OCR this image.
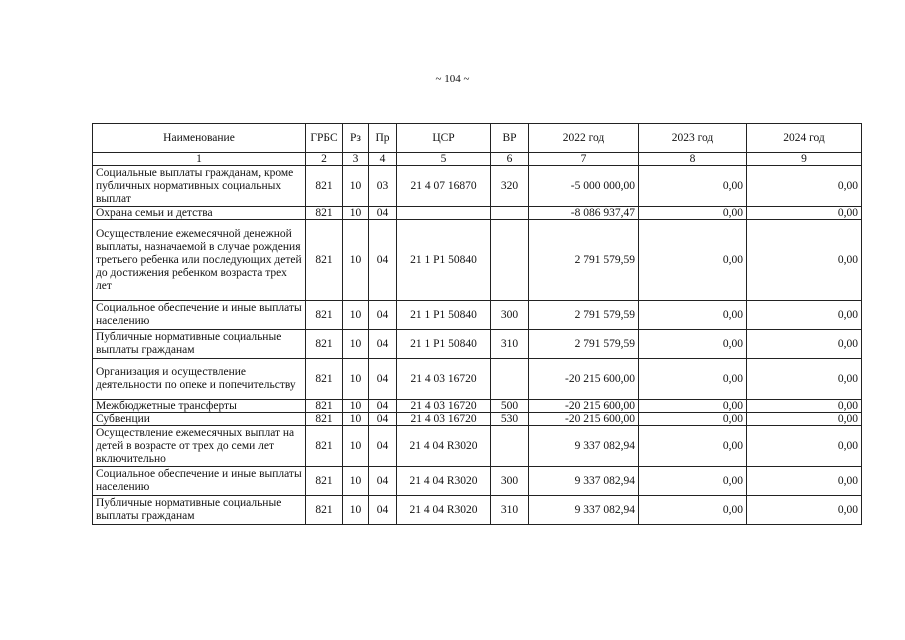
~ 104 ~
Наименование	ГРБС	Рз	Пр	ЦСР	ВР	2022 год	2023 год	2024 год
1	2	3	4	5	6	7	8	9
Социальные выплаты гражданам, кроме публичных нормативных социальных выплат	821	10	03	21 4 07 16870	320	-5 000 000,00	0,00	0,00
Охрана семьи и детства	821	10	04			-8 086 937,47	0,00	0,00
Осуществление ежемесячной денежной выплаты, назначаемой в случае рождения третьего ребенка или последующих детей до достижения ребенком возраста трех лет	821	10	04	21 1 P1 50840		2 791 579,59	0,00	0,00
Социальное обеспечение и иные выплаты населению	821	10	04	21 1 P1 50840	300	2 791 579,59	0,00	0,00
Публичные нормативные социальные выплаты гражданам	821	10	04	21 1 P1 50840	310	2 791 579,59	0,00	0,00
Организация и осуществление деятельности по опеке и попечительству	821	10	04	21 4 03 16720		-20 215 600,00	0,00	0,00
Межбюджетные трансферты	821	10	04	21 4 03 16720	500	-20 215 600,00	0,00	0,00
Субвенции	821	10	04	21 4 03 16720	530	-20 215 600,00	0,00	0,00
Осуществление ежемесячных выплат на детей в возрасте от трех до семи лет включительно	821	10	04	21 4 04 R3020		9 337 082,94	0,00	0,00
Социальное обеспечение и иные выплаты населению	821	10	04	21 4 04 R3020	300	9 337 082,94	0,00	0,00
Публичные нормативные социальные выплаты гражданам	821	10	04	21 4 04 R3020	310	9 337 082,94	0,00	0,00
